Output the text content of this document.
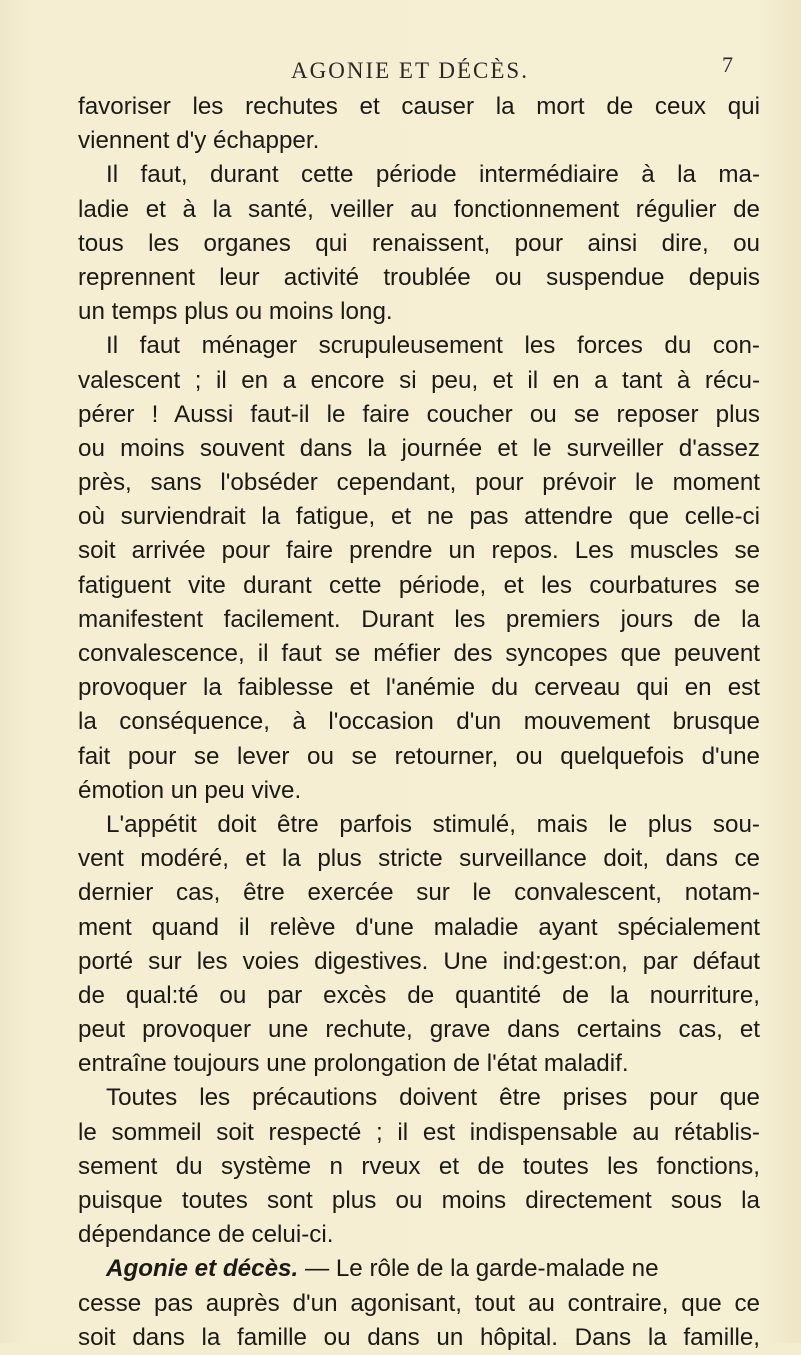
AGONIE ET DÉCÈS.	7
favoriser les rechutes et causer la mort de ceux qui
viennent d'y échapper.
Il faut, durant cette période intermédiaire à la ma-
ladie et à la santé, veiller au fonctionnement régulier de
tous les organes qui renaissent, pour ainsi dire, ou
reprennent leur activité troublée ou suspendue depuis
un temps plus ou moins long.
Il faut ménager scrupuleusement les forces du con-
valescent ; il en a encore si peu, et il en a tant à récu-
pérer ! Aussi faut-il le faire coucher ou se reposer plus
ou moins souvent dans la journée et le surveiller d'assez
près, sans l'obséder cependant, pour prévoir le moment
où surviendrait la fatigue, et ne pas attendre que celle-ci
soit arrivée pour faire prendre un repos. Les muscles se
fatiguent vite durant cette période, et les courbatures se
manifestent facilement. Durant les premiers jours de la
convalescence, il faut se méfier des syncopes que peuvent
provoquer la faiblesse et l'anémie du cerveau qui en est
la conséquence, à l'occasion d'un mouvement brusque
fait pour se lever ou se retourner, ou quelquefois d'une
émotion un peu vive.
L'appétit doit être parfois stimulé, mais le plus sou-
vent modéré, et la plus stricte surveillance doit, dans ce
dernier cas, être exercée sur le convalescent, notam-
ment quand il relève d'une maladie ayant spécialement
porté sur les voies digestives. Une ind:gest:on, par défaut
de qual:té ou par excès de quantité de la nourriture,
peut provoquer une rechute, grave dans certains cas, et
entraîne toujours une prolongation de l'état maladif.
Toutes les précautions doivent être prises pour que
le sommeil soit respecté ; il est indispensable au rétablis-
sement du système n rveux et de toutes les fonctions,
puisque toutes sont plus ou moins directement sous la
dépendance de celui-ci.
Agonie et décès. — Le rôle de la garde-malade ne
cesse pas auprès d'un agonisant, tout au contraire, que ce
soit dans la famille ou dans un hôpital. Dans la famille,
